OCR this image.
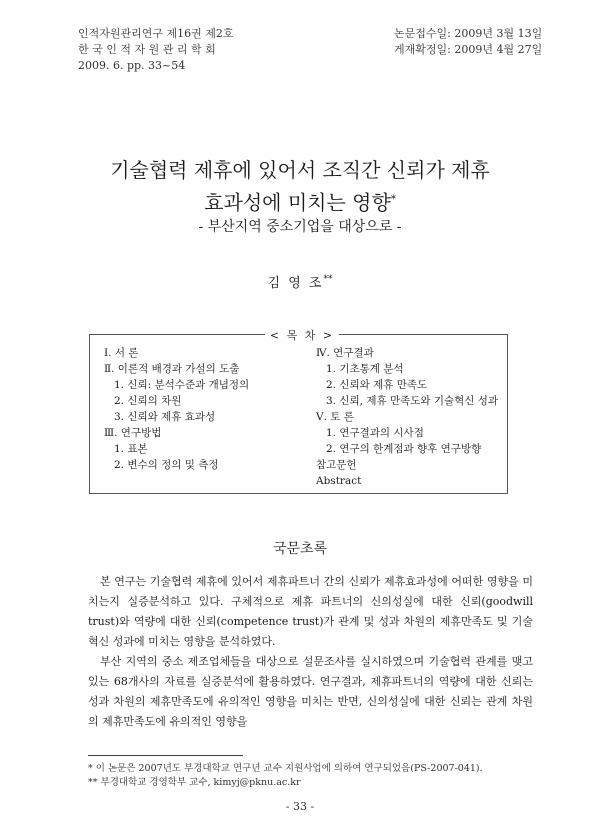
인적자원관리연구 제16권 제2호
한 국 인 적 자 원 관 리 학 회
2009. 6. pp. 33~54
논문접수일: 2009년 3월 13일
게재확정일: 2009년 4월 27일
기술협력 제휴에 있어서 조직간 신뢰가 제휴
효과성에 미치는 영향*
- 부산지역 중소기업을 대상으로 -
김 영 조**
< 목 차 >
Ⅰ. 서 론
Ⅱ. 이론적 배경과 가설의 도출
1. 신뢰: 분석수준과 개념정의
2. 신뢰의 차원
3. 신뢰와 제휴 효과성
Ⅲ. 연구방법
1. 표본
2. 변수의 정의 및 측정
Ⅳ. 연구결과
1. 기초통계 분석
2. 신뢰와 제휴 만족도
3. 신뢰, 제휴 만족도와 기술혁신 성과
Ⅴ. 토 론
1. 연구결과의 시사점
2. 연구의 한계점과 향후 연구방향
참고문헌
Abstract
국문초록

본 연구는 기술협력 제휴에 있어서 제휴파트너 간의 신뢰가 제휴효과성에 어떠한 영향을 미치는지 실증분석하고 있다. 구체적으로 제휴 파트너의 신의성실에 대한 신뢰(goodwill trust)와 역량에 대한 신뢰(competence trust)가 관계 및 성과 차원의 제휴만족도 및 기술혁신 성과에 미치는 영향을 분석하였다.

부산 지역의 중소 제조업체들을 대상으로 설문조사를 실시하였으며 기술협력 관계를 맺고 있는 68개사의 자료를 실증분석에 활용하였다. 연구결과, 제휴파트너의 역량에 대한 신뢰는 성과 차원의 제휴만족도에 유의적인 영향을 미치는 반면, 신의성실에 대한 신뢰는 관계 차원의 제휴만족도에 유의적인 영향을

* 이 논문은 2007년도 부경대학교 연구년 교수 지원사업에 의하여 연구되었음(PS-2007-041).
** 부경대학교 경영학부 교수, kimyj@pknu.ac.kr
- 33 -
